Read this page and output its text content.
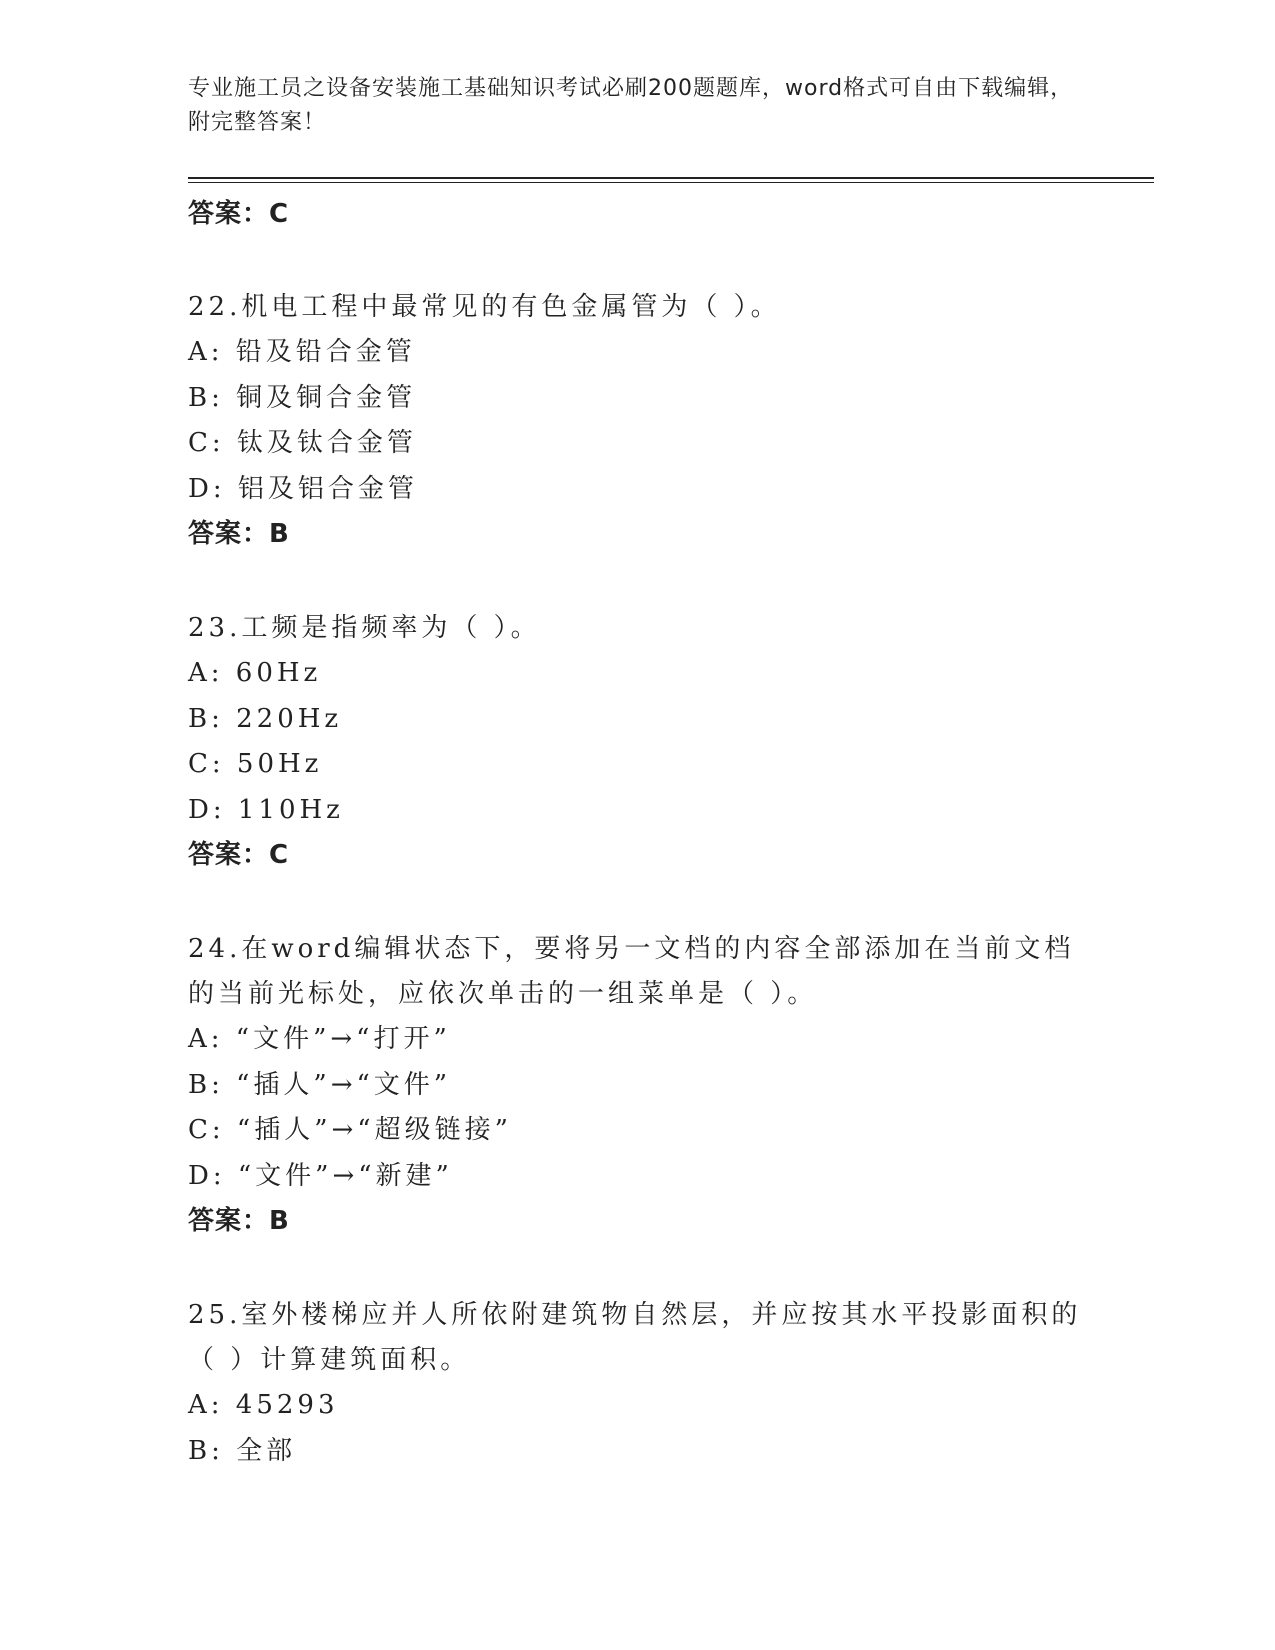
专业施工员之设备安装施工基础知识考试必刷200题题库，word格式可自由下载编辑，附完整答案！
答案：C
22.机电工程中最常见的有色金属管为（ ）。
A: 铅及铅合金管
B: 铜及铜合金管
C: 钛及钛合金管
D: 铝及铝合金管
答案：B
23.工频是指频率为（ ）。
A: 60Hz
B: 220Hz
C: 50Hz
D: 110Hz
答案：C
24.在word编辑状态下，要将另一文档的内容全部添加在当前文档的当前光标处，应依次单击的一组菜单是（ ）。
A: “文件”→“打开”
B: “插人”→“文件”
C: “插人”→“超级链接”
D: “文件”→“新建”
答案：B
25.室外楼梯应并人所依附建筑物自然层，并应按其水平投影面积的（ ）计算建筑面积。
A: 45293
B: 全部
